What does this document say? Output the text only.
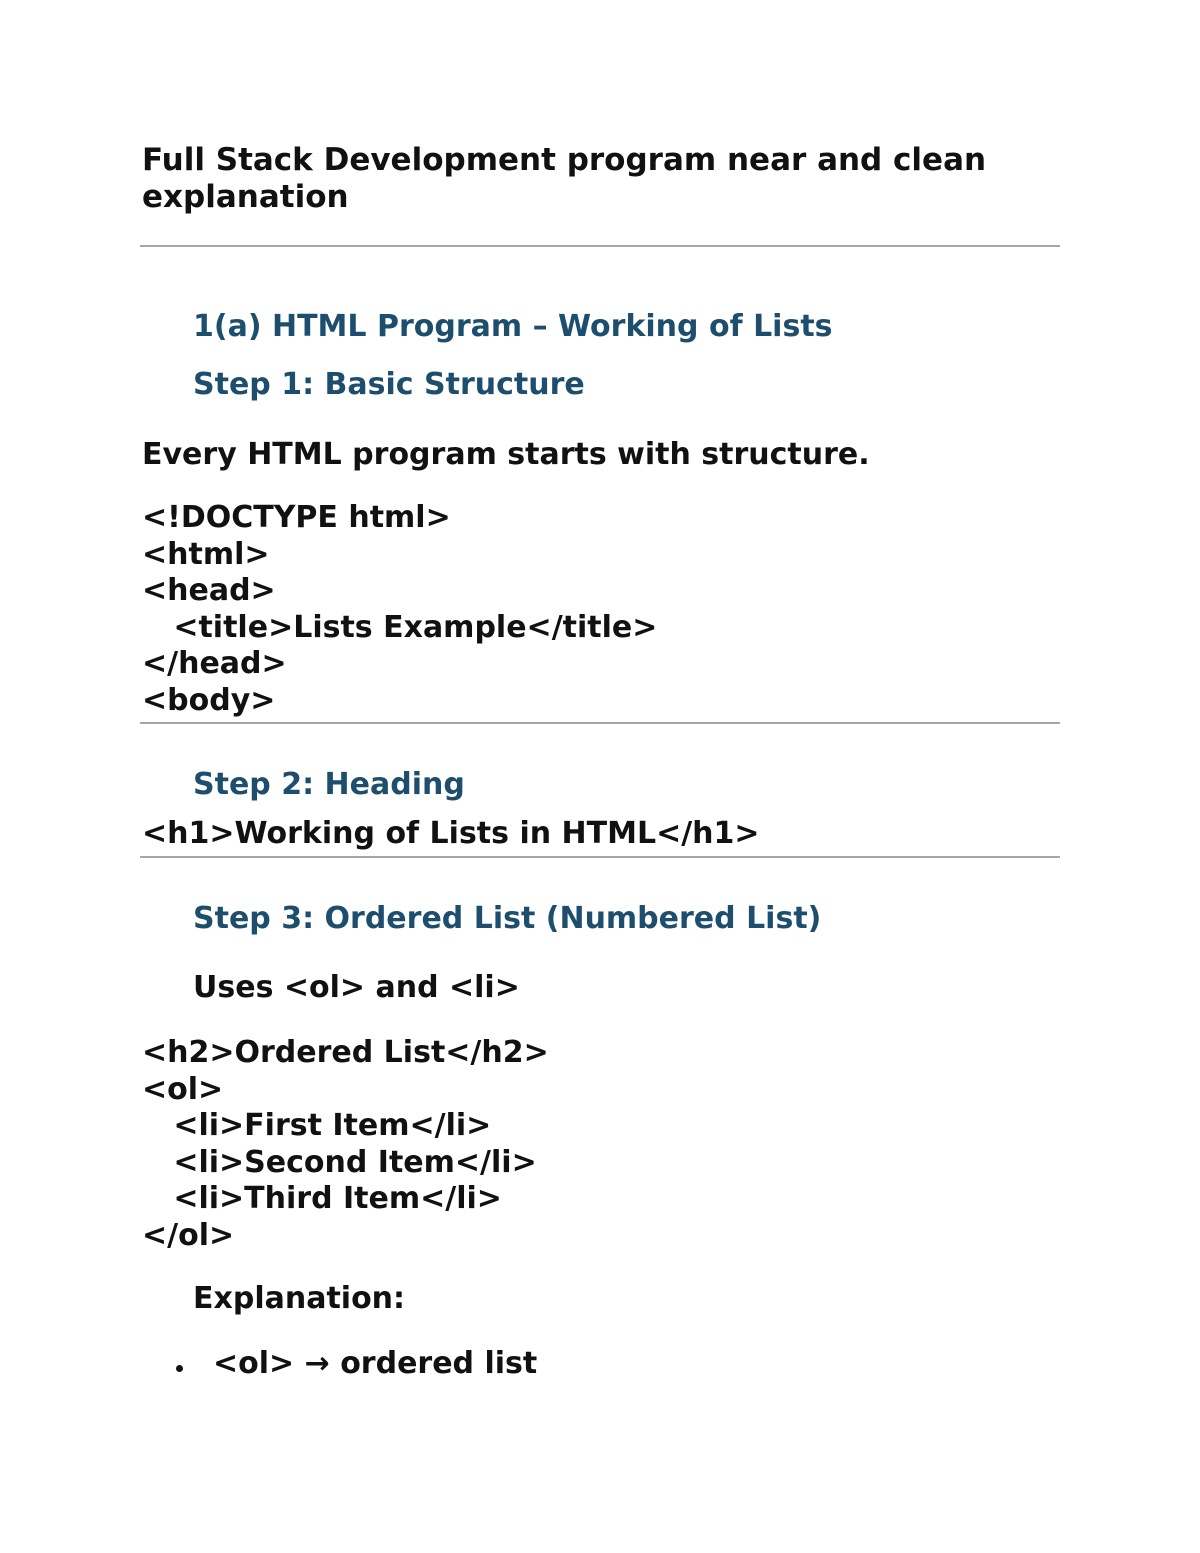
Full Stack Development program near and clean
explanation
1(a) HTML Program – Working of Lists
Step 1: Basic Structure
Every HTML program starts with structure.
<!DOCTYPE html>
<html>
<head>
<title>Lists Example</title>
</head>
<body>
Step 2: Heading
<h1>Working of Lists in HTML</h1>
Step 3: Ordered List (Numbered List)
Uses <ol> and <li>
<h2>Ordered List</h2>
<ol>
<li>First Item</li>
<li>Second Item</li>
<li>Third Item</li>
</ol>
Explanation:
<ol> → ordered list
